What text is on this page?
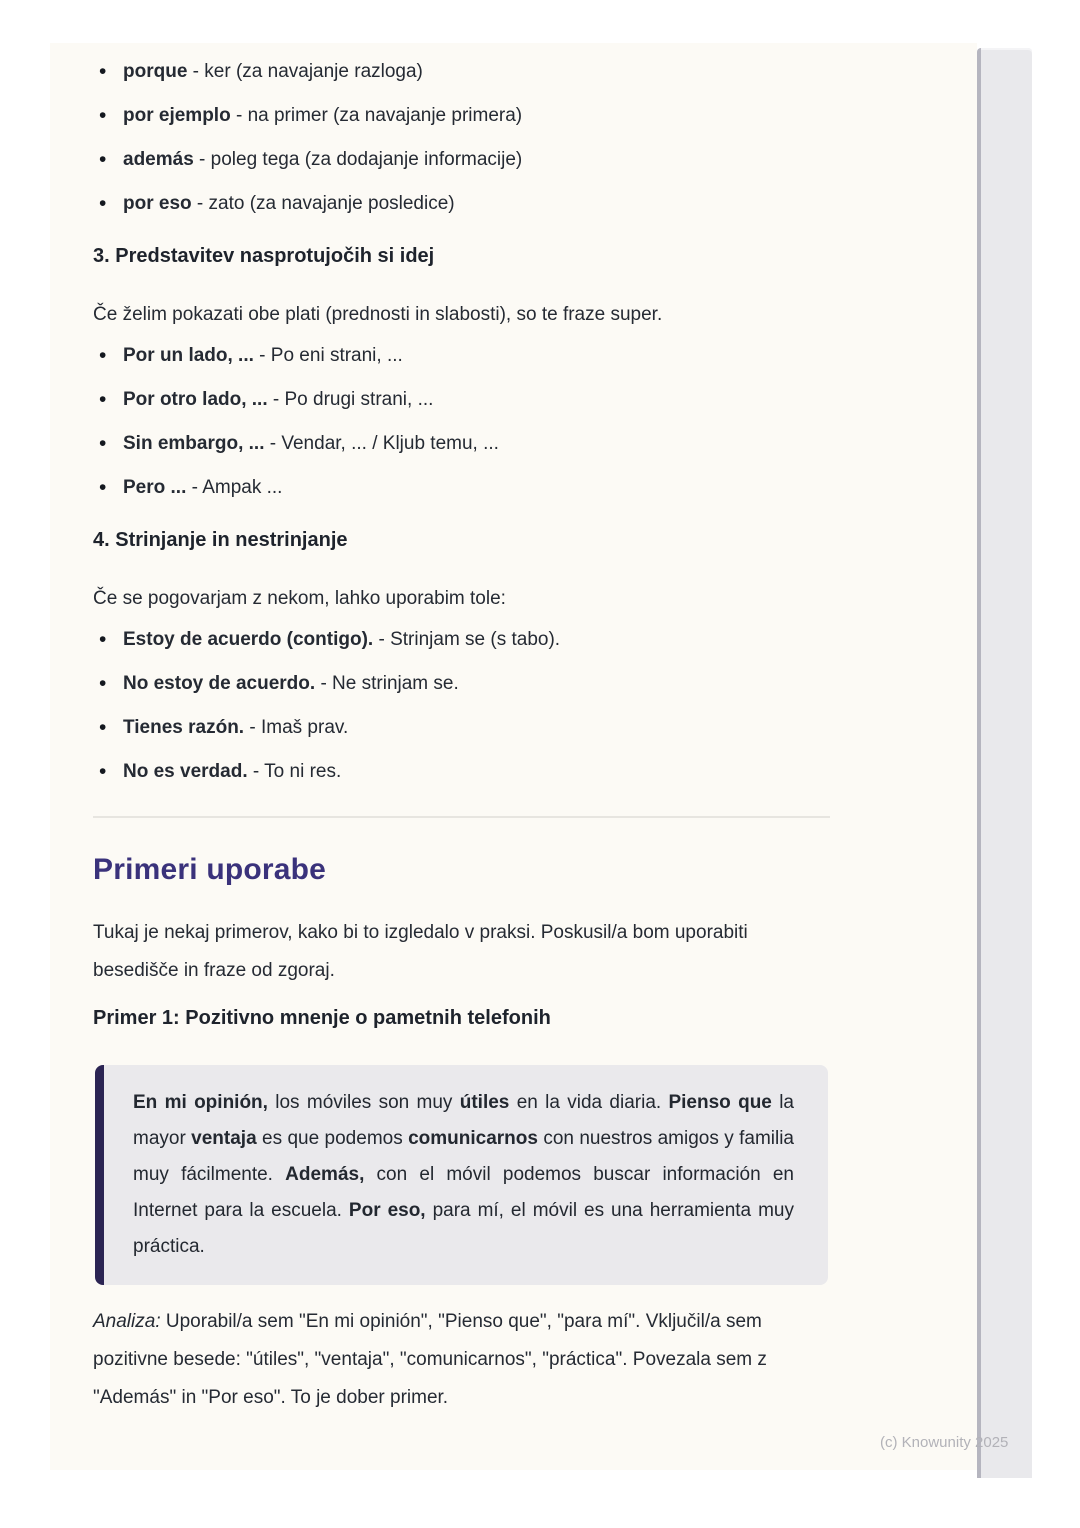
• porque - ker (za navajanje razloga)
• por ejemplo - na primer (za navajanje primera)
• además - poleg tega (za dodajanje informacije)
• por eso - zato (za navajanje posledice)
3. Predstavitev nasprotujočih si idej

Če želim pokazati obe plati (prednosti in slabosti), so te fraze super.

• Por un lado, ... - Po eni strani, ...
• Por otro lado, ... - Po drugi strani, ...
• Sin embargo, ... - Vendar, ... / Kljub temu, ...
• Pero ... - Ampak ...
4. Strinjanje in nestrinjanje

Če se pogovarjam z nekom, lahko uporabim tole:

• Estoy de acuerdo (contigo). - Strinjam se (s tabo).
• No estoy de acuerdo. - Ne strinjam se.
• Tienes razón. - Imaš prav.
• No es verdad. - To ni res.
Primeri uporabe

Tukaj je nekaj primerov, kako bi to izgledalo v praksi. Poskusil/a bom uporabiti besedišče in fraze od zgoraj.

Primer 1: Pozitivno mnenje o pametnih telefonih

En mi opinión, los móviles son muy útiles en la vida diaria. Pienso que la mayor ventaja es que podemos comunicarnos con nuestros amigos y familia muy fácilmente. Además, con el móvil podemos buscar información en Internet para la escuela. Por eso, para mí, el móvil es una herramienta muy práctica.

Analiza: Uporabil/a sem "En mi opinión", "Pienso que", "para mí". Vključil/a sem pozitivne besede: "útiles", "ventaja", "comunicarnos", "práctica". Povezala sem z "Además" in "Por eso". To je dober primer.

(c) Knowunity 2025
